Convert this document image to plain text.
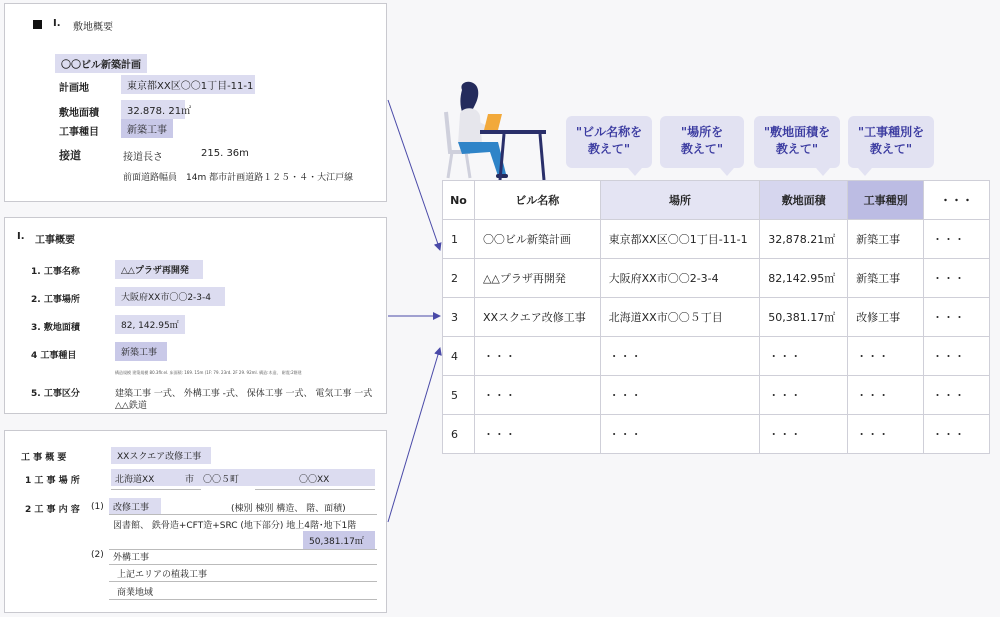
I. 敷地概要
〇〇ビル新築計画
計画地	東京都XX区〇〇1丁目-11-1
敷地面積	32.878. 21㎡
工事種目	新築工事
接道	接道長さ	215. 36m
前面道路幅員　14m 都市計画道路１２５・４・大江戸線
I. 工事概要
1. 工事名称	△△プラザ再開発
2. 工事場所	大阪府XX市〇〇2-3-4
3. 敷地面積	82, 142.95㎡
4 工事種目	新築工事
構造規模 建築規模 80.3flr.el. 床面積: 169. 15m (1F: 79. 23rd. 2F 29. 92ml. 構造:木造、 耐震:2階建
5. 工事区分	建築工事 一式、 外構工事 -式、 保体工事 一式、 電気工事 一式
△△鉄道
工 事 概 要	XXスクエア改修工事
1 工 事 場 所	北海道XX	市 〇〇５町	〇〇XX
2 工 事 内 容 (1)	改修工事	(棟別 棟別 構造、 階、面積)
図書館、 鉄骨造+CFT造+SRC (地下部分) 地上4階･地下1階
50,381.17㎡
(2) 外構工事
上記エリアの植栽工事
商業地域
"ビル名称を
教えて"
"場所を
教えて"
"敷地面積を
教えて"
"工事種別を
教えて"
No	ビル名称	場所	敷地面積	工事種別	・・・
1	〇〇ビル新築計画	東京都XX区〇〇1丁目-11-1	32,878.21㎡	新築工事	・・・
2	△△プラザ再開発	大阪府XX市〇〇2-3-4	82,142.95㎡	新築工事	・・・
3	XXスクエア改修工事	北海道XX市〇〇５丁目	50,381.17㎡	改修工事	・・・
4	・・・	・・・	・・・	・・・	・・・
5	・・・	・・・	・・・	・・・	・・・
6	・・・	・・・	・・・	・・・	・・・
